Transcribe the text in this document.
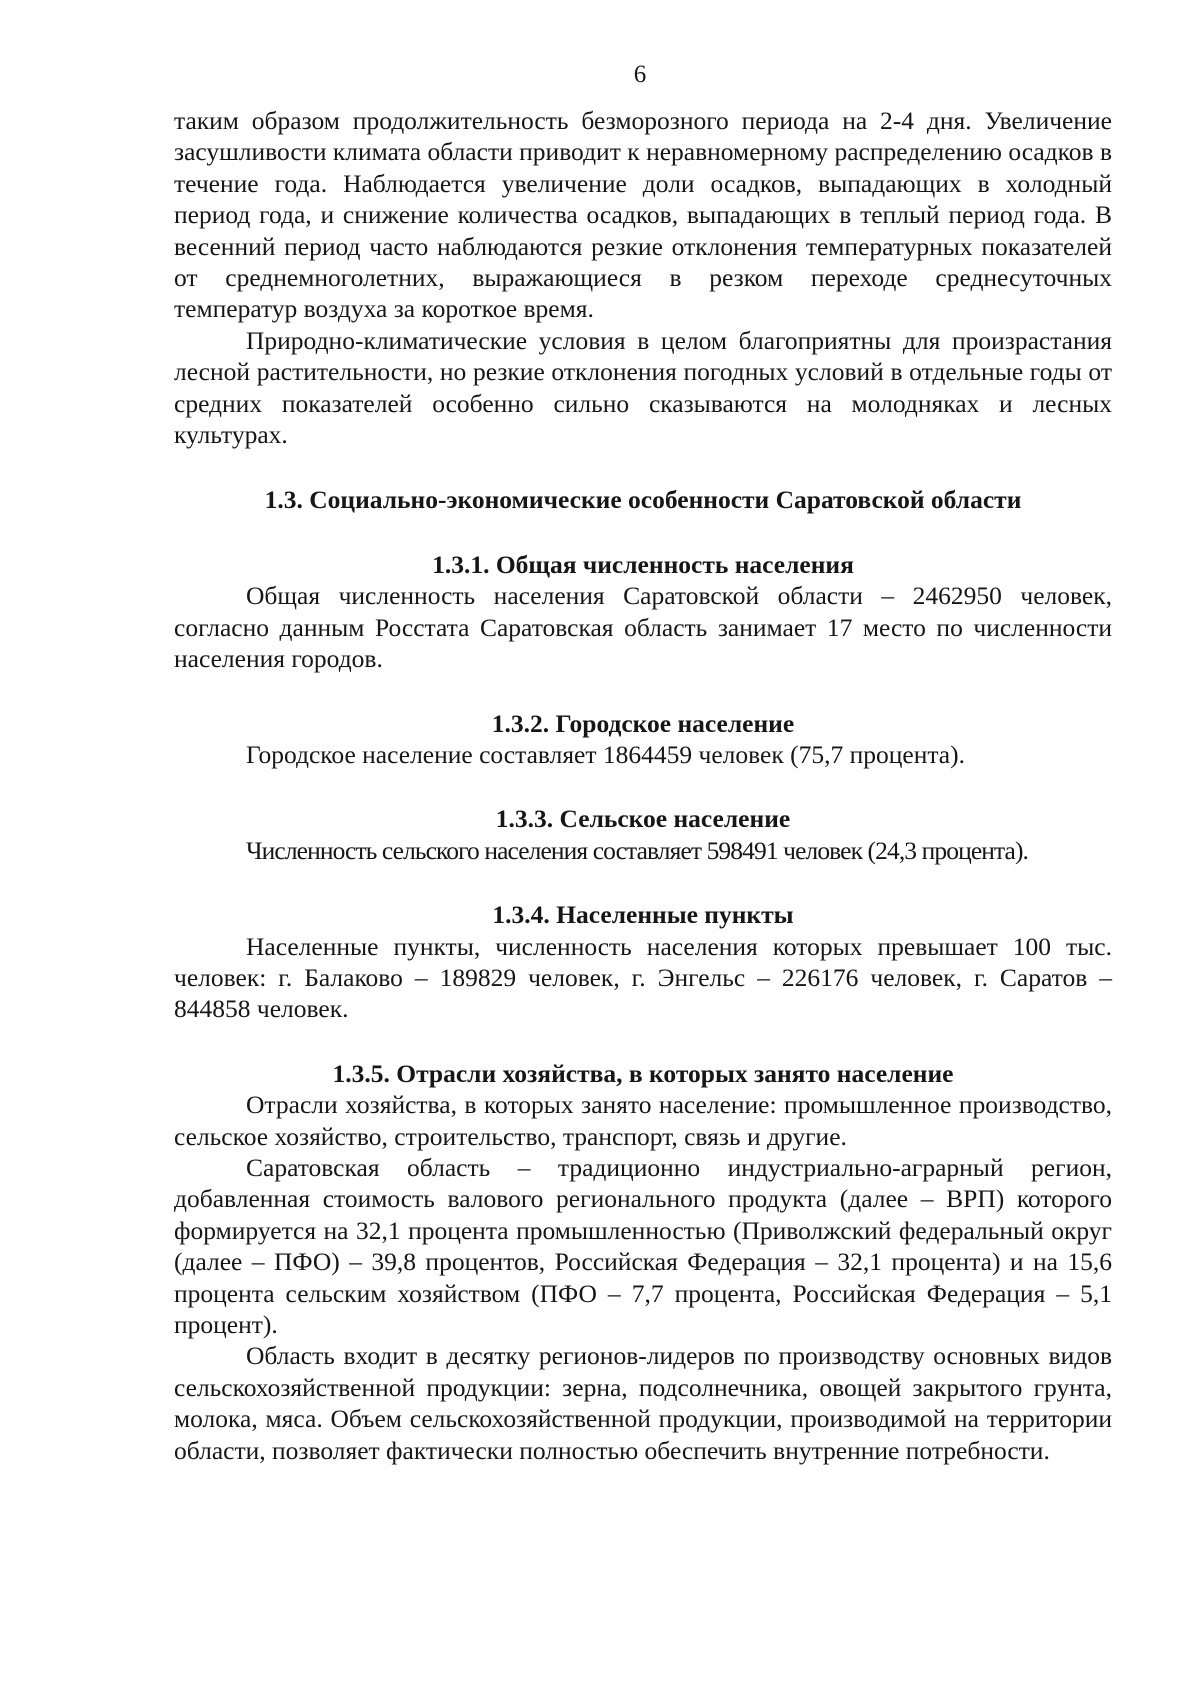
6

таким образом продолжительность безморозного периода на 2-4 дня. Увеличение засушливости климата области приводит к неравномерному распределению осадков в течение года. Наблюдается увеличение доли осадков, выпадающих в холодный период года, и снижение количества осадков, выпадающих в теплый период года. В весенний период часто наблюдаются резкие отклонения температурных показателей от среднемноголетних, выражающиеся в резком переходе среднесуточных температур воздуха за короткое время.

Природно-климатические условия в целом благоприятны для произрастания лесной растительности, но резкие отклонения погодных условий в отдельные годы от средних показателей особенно сильно сказываются на молодняках и лесных культурах.

1.3. Социально-экономические особенности Саратовской области
1.3.1. Общая численность населения

Общая численность населения Саратовской области – 2462950 человек, согласно данным Росстата Саратовская область занимает 17 место по численности населения городов.

1.3.2. Городское население

Городское население составляет 1864459 человек (75,7 процента).

1.3.3. Сельское население

Численность сельского населения составляет 598491 человек (24,3 процента).

1.3.4. Населенные пункты

Населенные пункты, численность населения которых превышает 100 тыс. человек: г. Балаково – 189829 человек, г. Энгельс – 226176 человек, г. Саратов – 844858 человек.

1.3.5. Отрасли хозяйства, в которых занято население

Отрасли хозяйства, в которых занято население: промышленное производство, сельское хозяйство, строительство, транспорт, связь и другие.

Саратовская область – традиционно индустриально-аграрный регион, добавленная стоимость валового регионального продукта (далее – ВРП) которого формируется на 32,1 процента промышленностью (Приволжский федеральный округ (далее – ПФО) – 39,8 процентов, Российская Федерация – 32,1 процента) и на 15,6 процента сельским хозяйством (ПФО – 7,7 процента, Российская Федерация – 5,1 процент).

Область входит в десятку регионов-лидеров по производству основных видов сельскохозяйственной продукции: зерна, подсолнечника, овощей закрытого грунта, молока, мяса. Объем сельскохозяйственной продукции, производимой на территории области, позволяет фактически полностью обеспечить внутренние потребности.
